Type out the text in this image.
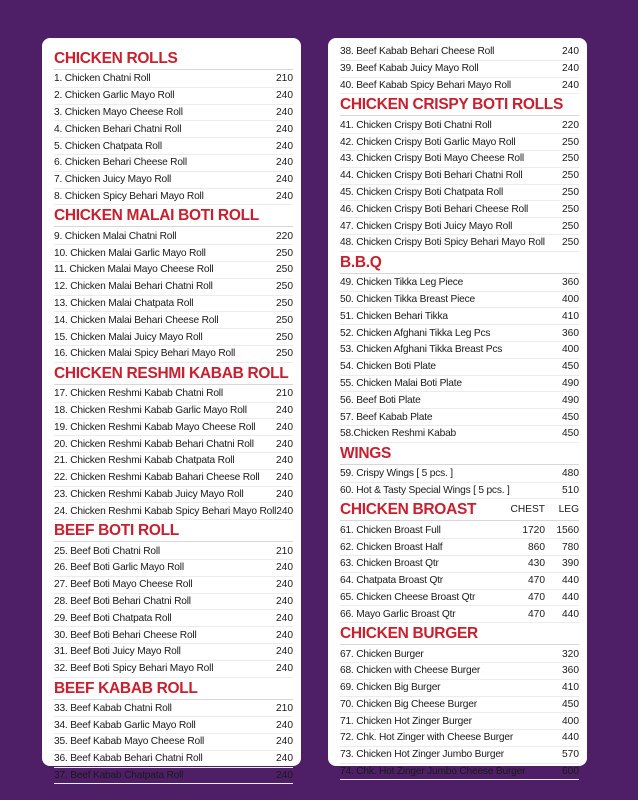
CHICKEN ROLLS
1. Chicken Chatni Roll	210
2. Chicken Garlic Mayo Roll	240
3. Chicken Mayo Cheese Roll	240
4. Chicken Behari Chatni Roll	240
5. Chicken Chatpata Roll	240
6. Chicken Behari Cheese Roll	240
7. Chicken Juicy Mayo Roll	240
8. Chicken Spicy Behari Mayo Roll	240
CHICKEN MALAI BOTI ROLL
9. Chicken Malai Chatni Roll	220
10. Chicken Malai Garlic Mayo Roll	250
11. Chicken Malai Mayo Cheese Roll	250
12. Chicken Malai Behari Chatni Roll	250
13. Chicken Malai Chatpata Roll	250
14. Chicken Malai Behari Cheese Roll	250
15. Chicken Malai Juicy Mayo Roll	250
16. Chicken Malai Spicy Behari Mayo Roll	250
CHICKEN RESHMI KABAB ROLL
17. Chicken Reshmi Kabab Chatni Roll	210
18. Chicken Reshmi Kabab Garlic Mayo Roll	240
19. Chicken Reshmi Kabab Mayo Cheese Roll	240
20. Chicken Reshmi Kabab Behari Chatni Roll	240
21. Chicken Reshmi Kabab Chatpata Roll	240
22. Chicken Reshmi Kabab Bahari Cheese Roll	240
23. Chicken Reshmi Kabab Juicy Mayo Roll	240
24. Chicken Reshmi Kabab Spicy Behari Mayo Roll 240
BEEF BOTI ROLL
25. Beef Boti Chatni Roll	210
26. Beef Boti Garlic Mayo Roll	240
27. Beef Boti Mayo Cheese Roll	240
28. Beef Boti Behari Chatni Roll	240
29. Beef Boti Chatpata Roll	240
30. Beef Boti Behari Cheese Roll	240
31. Beef Boti Juicy Mayo Roll	240
32. Beef Boti Spicy Behari Mayo Roll	240
BEEF KABAB ROLL
33. Beef Kabab Chatni Roll	210
34. Beef Kabab Garlic Mayo Roll	240
35. Beef Kabab Mayo Cheese Roll	240
36. Beef Kabab Behari Chatni Roll	240
37. Beef Kabab Chatpata Roll	240
38. Beef Kabab Behari Cheese Roll	240
39. Beef Kabab Juicy Mayo Roll	240
40. Beef Kabab Spicy Behari Mayo Roll	240
CHICKEN CRISPY BOTI ROLLS
41. Chicken Crispy Boti Chatni Roll	220
42. Chicken Crispy Boti Garlic Mayo Roll	250
43. Chicken Crispy Boti Mayo Cheese Roll	250
44. Chicken Crispy Boti Behari Chatni Roll	250
45. Chicken Crispy Boti Chatpata Roll	250
46. Chicken Crispy Boti Behari Cheese Roll	250
47. Chicken Crispy Boti Juicy Mayo Roll	250
48. Chicken Crispy Boti Spicy Behari Mayo Roll	250
B.B.Q
49. Chicken Tikka Leg Piece	360
50. Chicken Tikka Breast Piece	400
51. Chicken Behari Tikka	410
52. Chicken Afghani Tikka Leg Pcs	360
53. Chicken Afghani Tikka Breast Pcs	400
54. Chicken Boti Plate	450
55. Chicken Malai Boti Plate	490
56. Beef Boti Plate	490
57. Beef Kabab Plate	450
58.Chicken Reshmi Kabab	450
WINGS
59. Crispy Wings [ 5 pcs. ]	480
60. Hot & Tasty Special Wings [ 5 pcs. ]	510
CHICKEN BROAST	CHEST	LEG
61. Chicken Broast Full	1720	1560
62. Chicken Broast Half	860	780
63. Chicken Broast Qtr	430	390
64. Chatpata Broast Qtr	470	440
65. Chicken Cheese Broast Qtr	470	440
66. Mayo Garlic Broast Qtr	470	440
CHICKEN BURGER
67. Chicken Burger	320
68. Chicken with Cheese Burger	360
69. Chicken Big Burger	410
70. Chicken Big Cheese Burger	450
71. Chicken Hot Zinger Burger	400
72. Chk. Hot Zinger with Cheese Burger	440
73. Chicken Hot Zinger Jumbo Burger	570
74. Chk. Hot Zinger Jumbo Cheese Burger	600
